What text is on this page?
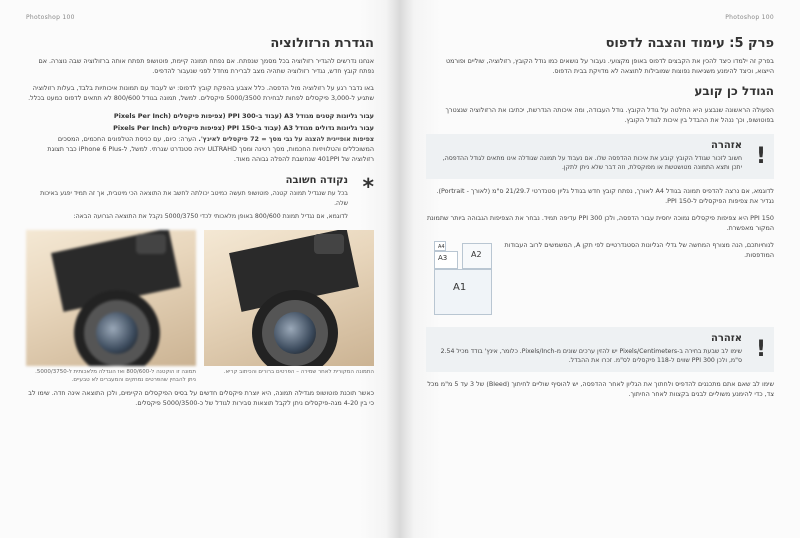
Photoshop 100
הגדרת הרזולוציה

אנחנו נדרשים להגדיר רזולוציה בכל מסמך שנפתח. אם נפתח תמונה קיימת, פוטושופ תפתח אותה ברזולוציה שבה נוצרה. אם נפתח קובץ חדש, נגדיר רזולוציה שתהיה מצב לברירת מחדל לפני שנעבור להדפיס.

באו נדבר רגע על רזולוציה מול הדפסה. כלל אצבע בהפקת קובץ לדפוס: יש לעבוד עם תמונות איכותיות בלבד, בעלות רזולוציה שתגיע ל-3,000 פיקסלים לפחות לבחירת 5000/3500 פיקסלים. למשל, תמונה בגודל 800/600 לא תתאים לדפוס כמעט בכלל.

עבור גליונות קטנים מגודל A3 (עבוד ב-300 PPI (צפיפות פיקסלים (Pixels Per Inch
עבור גליונות גדולים מגודל A3 (עבוד ב-150 PPI (צפיפות פיקסלים (Pixels Per Inch

צפיפות אופיינית להצגה על גבי מסך = 72 פיקסלים לאינץ'. הערה: כיום, עם כניסת הטלפונים החכמים, המסכים המשוכללים והטלוויזיות החכמות, מסך רטינה ומסך ULTRAHD יהיה סטנדרט שגרתי. למשל, ל-iPhone 6 Plus כבר תצוגת רזולוציה של 401PPI שנחשבת להפלה גבוהה מאוד.

*
נקודה חשובה
בכל עת שנגדיל תמונה קטנה, פוטושופ תעשה כמיטב יכולתה לחשב את התוצאה הכי מיטבית, אך זה תמיד יפגע באיכות שלה.
לדוגמא, אם נגדיל תמונת 800/600 באופן מלאכותי לכדי 5000/3750 נקבל את התוצאה הגרועה הבאה:
התמונה המקורית לאחר שמירה – הפרטים ברורים והכיתוב קריא.
תמונה זו הוקטנה ל-800/600 ואז הוגדלה מלאכותית ל-5000/3750. ניתן להבחין שהפרטים נמחקים והמעברים לא טבעיים.

כאשר תוכנת פוטושופ מגדילה תמונה, היא יוצרת פיקסלים חדשים על בסיס הפיקסלים הקיימים, ולכן התוצאה אינה חדה. שימו לב כי בין 4-20 מגה-פיקסלים ניתן לקבל תוצאות סבירות לגודל של כ-5000/3500 פיקסלים.

Photoshop 100
פרק 5: עימוד והצבה לדפוס

בפרק זה ילמדו כיצד להכין את הקבצים לדפוס באופן מקצועי. נעבור על נושאים כמו גודל הקובץ, רזולוציה, שוליים ופורמט הייצוא, וכיצד להימנע משגיאות נפוצות שמובילות לתוצאה לא מדויקת בבית הדפוס.

הגודל כן קובע

הפעולה הראשונה שנבצע היא החלטה על גודל הקובץ. גודל העבודה, ומה איכותה הנדרשת, יכתיבו את הרזולוציה שנצטרך בפוטושופ, וכך ננהל את ההבדל בין איכות לגודל הקובץ.

!
אזהרה
חשוב לזכור שגודל הקובץ קובע את איכות ההדפסה שלו. אם נעבוד על תמונה שגודלה אינו מתאים לגודל ההדפסה, יתכן ותצא התמונה מטושטשת או מפוקסלת, וזה דבר שלא ניתן לתקן.

לדוגמא, אם נרצה להדפיס תמונה בגודל A4 לאורך, נפתח קובץ חדש בגודל גליון סטנדרטי 21/29.7 ס"מ (לאורך - Portrait). נגדיר את צפיפות הפיקסלים ל-150 PPI.

150 PPI היא צפיפות פיקסלים נמוכה יחסית עבור הדפסה, ולכן 300 PPI עדיפה תמיד. נבחר את הצפיפות הגבוהה ביותר שתמונת המקור מאפשרת.

A1
A2
A3
A4	לנוחיותכם, הנה מצורף המחשה של גדלי הגליונות הסטנדרטיים לפי תקן A, המשמשים לרוב העבודות המודפסות.

!
אזהרה
שימו לב שבעת בחירה ב-Pixels/Centimeters יש להזין ערכים שונים מ-Pixels/Inch. כלומר, אינץ' בודד מכיל 2.54 ס"מ, ולכן 300 PPI שווים ל-118 פיקסלים לס"מ. זכרו את ההבדל.

שימו לב שאם אתם מתכננים להדפיס ולחתוך את הגליון לאחר ההדפסה, יש להוסיף שוליים לחיתוך (Bleed) של 3 עד 5 מ"מ מכל צד, כדי להימנע משוליים לבנים בקצוות לאחר החיתוך.
